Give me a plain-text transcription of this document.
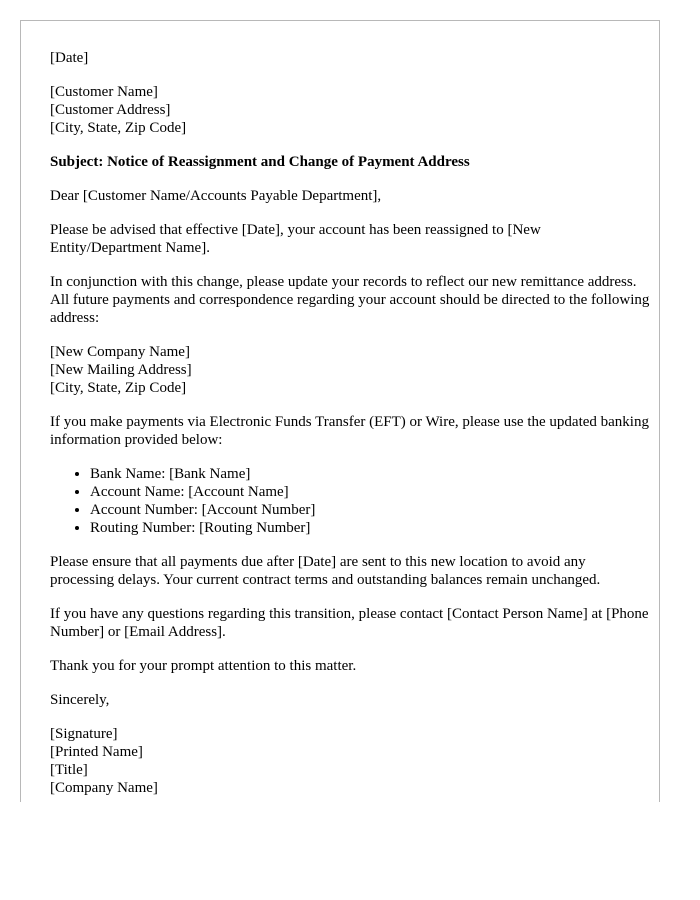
[Date]
[Customer Name]
[Customer Address]
[City, State, Zip Code]
Subject: Notice of Reassignment and Change of Payment Address
Dear [Customer Name/Accounts Payable Department],
Please be advised that effective [Date], your account has been reassigned to [New Entity/Department Name].
In conjunction with this change, please update your records to reflect our new remittance address. All future payments and correspondence regarding your account should be directed to the following address:
[New Company Name]
[New Mailing Address]
[City, State, Zip Code]
If you make payments via Electronic Funds Transfer (EFT) or Wire, please use the updated banking information provided below:
• Bank Name: [Bank Name]
• Account Name: [Account Name]
• Account Number: [Account Number]
• Routing Number: [Routing Number]
Please ensure that all payments due after [Date] are sent to this new location to avoid any processing delays. Your current contract terms and outstanding balances remain unchanged.
If you have any questions regarding this transition, please contact [Contact Person Name] at [Phone Number] or [Email Address].
Thank you for your prompt attention to this matter.
Sincerely,
[Signature]
[Printed Name]
[Title]
[Company Name]
